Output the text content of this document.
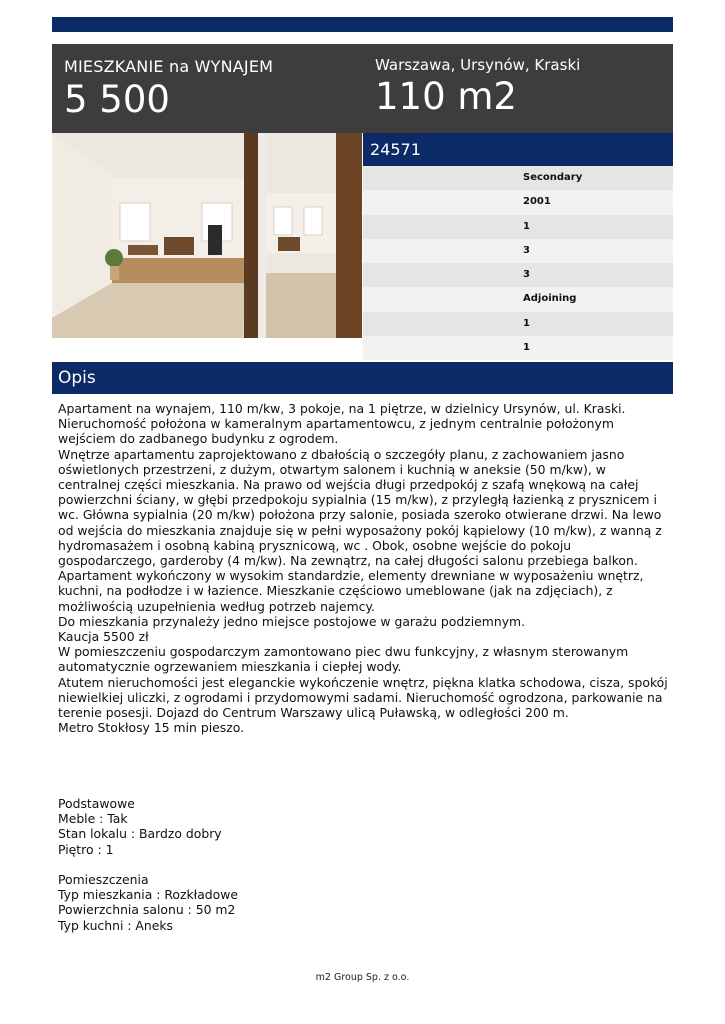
MIESZKANIE na WYNAJEM
5 500
Warszawa, Ursynów, Kraski
110 m2
24571
Secondary
2001
1
3
3
Adjoining
1
1
Opis

Apartament na wynajem, 110 m/kw, 3 pokoje, na 1 piętrze, w dzielnicy Ursynów, ul. Kraski.

Nieruchomość położona w kameralnym apartamentowcu, z jednym centralnie położonym wejściem do zadbanego budynku z ogrodem.

Wnętrze apartamentu zaprojektowano z dbałością o szczegóły planu, z zachowaniem jasno oświetlonych przestrzeni, z dużym, otwartym salonem i kuchnią w aneksie (50 m/kw), w centralnej części mieszkania. Na prawo od wejścia długi przedpokój z szafą wnękową na całej powierzchni ściany, w głębi przedpokoju sypialnia (15 m/kw), z przyległą łazienką z prysznicem i wc. Główna sypialnia (20 m/kw) położona przy salonie, posiada szeroko otwierane drzwi. Na lewo od wejścia do mieszkania znajduje się w pełni wyposażony pokój kąpielowy (10 m/kw), z wanną z hydromasażem i osobną kabiną prysznicową, wc . Obok, osobne wejście do pokoju gospodarczego, garderoby (4 m/kw). Na zewnątrz, na całej długości salonu przebiega balkon.

Apartament wykończony w wysokim standardzie, elementy drewniane w wyposażeniu wnętrz, kuchni, na podłodze i w łazience. Mieszkanie częściowo umeblowane (jak na zdjęciach), z możliwością uzupełnienia według potrzeb najemcy.

Do mieszkania przynależy jedno miejsce postojowe w garażu podziemnym.

Kaucja 5500 zł

W pomieszczeniu gospodarczym zamontowano piec dwu funkcyjny, z własnym sterowanym automatycznie ogrzewaniem mieszkania i ciepłej wody.

Atutem nieruchomości jest eleganckie wykończenie wnętrz, piękna klatka schodowa, cisza, spokój niewielkiej uliczki, z ogrodami i przydomowymi sadami. Nieruchomość ogrodzona, parkowanie na terenie posesji. Dojazd do Centrum Warszawy ulicą Puławską, w odległości 200 m.

Metro Stokłosy 15 min pieszo.

Podstawowe

Meble : Tak

Stan lokalu : Bardzo dobry

Piętro : 1

Pomieszczenia

Typ mieszkania : Rozkładowe

Powierzchnia salonu : 50 m2

Typ kuchni : Aneks

m2 Group Sp. z o.o.
